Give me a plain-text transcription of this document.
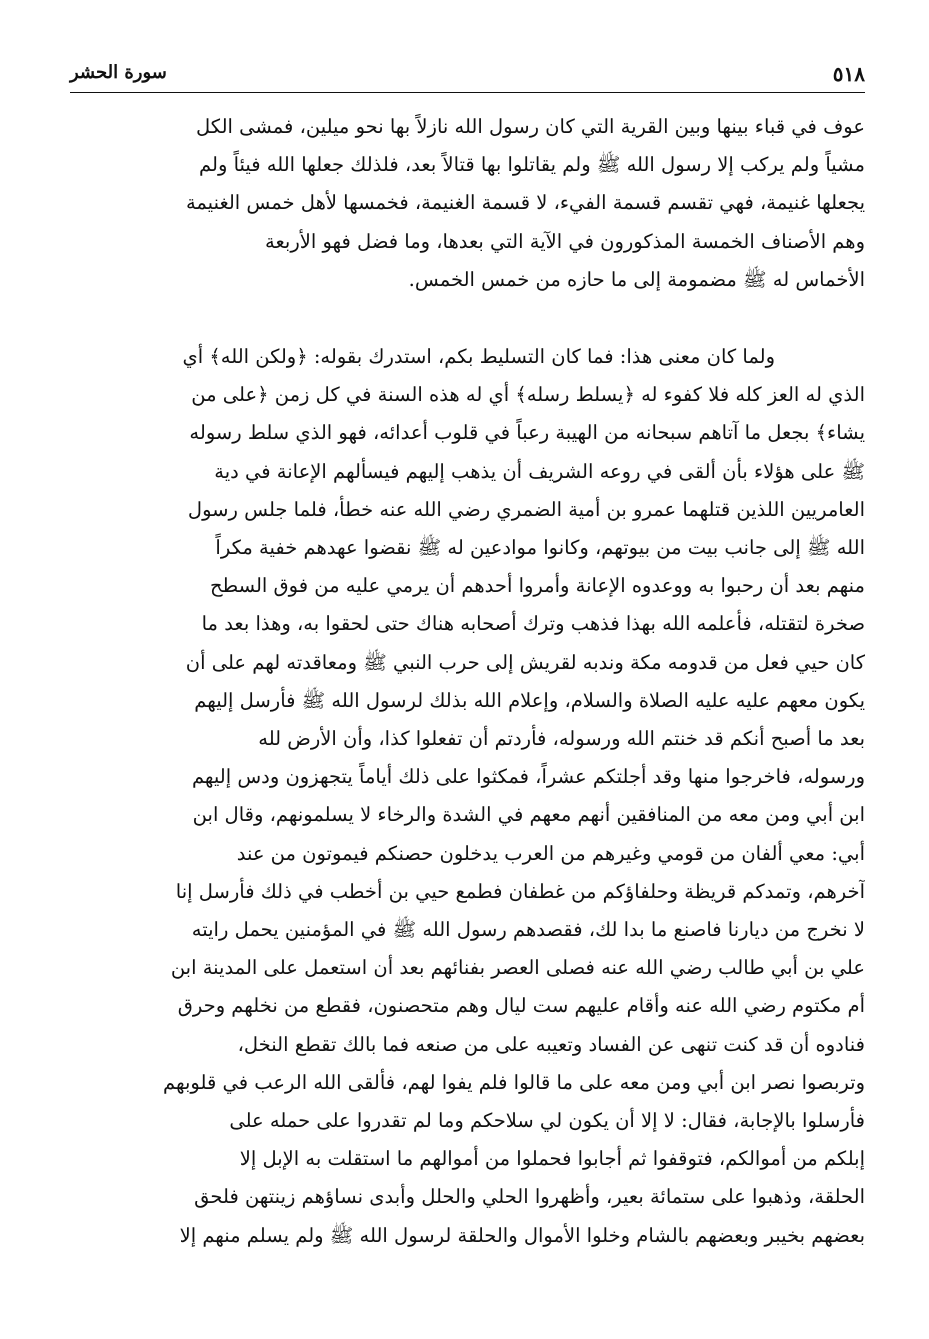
٥١٨
سورة الحشر
عوف في قباء بينها وبين القرية التي كان رسول الله نازلاً بها نحو ميلين، فمشى الكل
مشياً ولم يركب إلا رسول الله ﷺ ولم يقاتلوا بها قتالاً بعد، فلذلك جعلها الله فيئاً ولم
يجعلها غنيمة، فهي تقسم قسمة الفيء، لا قسمة الغنيمة، فخمسها لأهل خمس الغنيمة
وهم الأصناف الخمسة المذكورون في الآية التي بعدها، وما فضل فهو الأربعة
الأخماس له ﷺ مضمومة إلى ما حازه من خمس الخمس.
ولما كان معنى هذا: فما كان التسليط بكم، استدرك بقوله: ﴿ولكن الله﴾ أي
الذي له العز كله فلا كفوء له ﴿يسلط رسله﴾ أي له هذه السنة في كل زمن ﴿على من
يشاء﴾ بجعل ما آتاهم سبحانه من الهيبة رعباً في قلوب أعدائه، فهو الذي سلط رسوله
ﷺ على هؤلاء بأن ألقى في روعه الشريف أن يذهب إليهم فيسألهم الإعانة في دية
العامريين اللذين قتلهما عمرو بن أمية الضمري رضي الله عنه خطأ، فلما جلس رسول
الله ﷺ إلى جانب بيت من بيوتهم، وكانوا موادعين له ﷺ نقضوا عهدهم خفية مكراً
منهم بعد أن رحبوا به ووعدوه الإعانة وأمروا أحدهم أن يرمي عليه من فوق السطح
صخرة لتقتله، فأعلمه الله بهذا فذهب وترك أصحابه هناك حتى لحقوا به، وهذا بعد ما
كان حيي فعل من قدومه مكة وندبه لقريش إلى حرب النبي ﷺ ومعاقدته لهم على أن
يكون معهم عليه عليه الصلاة والسلام، وإعلام الله بذلك لرسول الله ﷺ فأرسل إليهم
بعد ما أصبح أنكم قد خنتم الله ورسوله، فأردتم أن تفعلوا كذا، وأن الأرض لله
ورسوله، فاخرجوا منها وقد أجلتكم عشراً، فمكثوا على ذلك أياماً يتجهزون ودس إليهم
ابن أبي ومن معه من المنافقين أنهم معهم في الشدة والرخاء لا يسلمونهم، وقال ابن
أبي: معي ألفان من قومي وغيرهم من العرب يدخلون حصنكم فيموتون من عند
آخرهم، وتمدكم قريظة وحلفاؤكم من غطفان فطمع حيي بن أخطب في ذلك فأرسل إنا
لا نخرج من ديارنا فاصنع ما بدا لك، فقصدهم رسول الله ﷺ في المؤمنين يحمل رايته
علي بن أبي طالب رضي الله عنه فصلى العصر بفنائهم بعد أن استعمل على المدينة ابن
أم مكتوم رضي الله عنه وأقام عليهم ست ليال وهم متحصنون، فقطع من نخلهم وحرق
فنادوه أن قد كنت تنهى عن الفساد وتعيبه على من صنعه فما بالك تقطع النخل،
وتربصوا نصر ابن أبي ومن معه على ما قالوا فلم يفوا لهم، فألقى الله الرعب في قلوبهم
فأرسلوا بالإجابة، فقال: لا إلا أن يكون لي سلاحكم وما لم تقدروا على حمله على
إبلكم من أموالكم، فتوقفوا ثم أجابوا فحملوا من أموالهم ما استقلت به الإبل إلا
الحلقة، وذهبوا على ستمائة بعير، وأظهروا الحلي والحلل وأبدى نساؤهم زينتهن فلحق
بعضهم بخيبر وبعضهم بالشام وخلوا الأموال والحلقة لرسول الله ﷺ ولم يسلم منهم إلا
